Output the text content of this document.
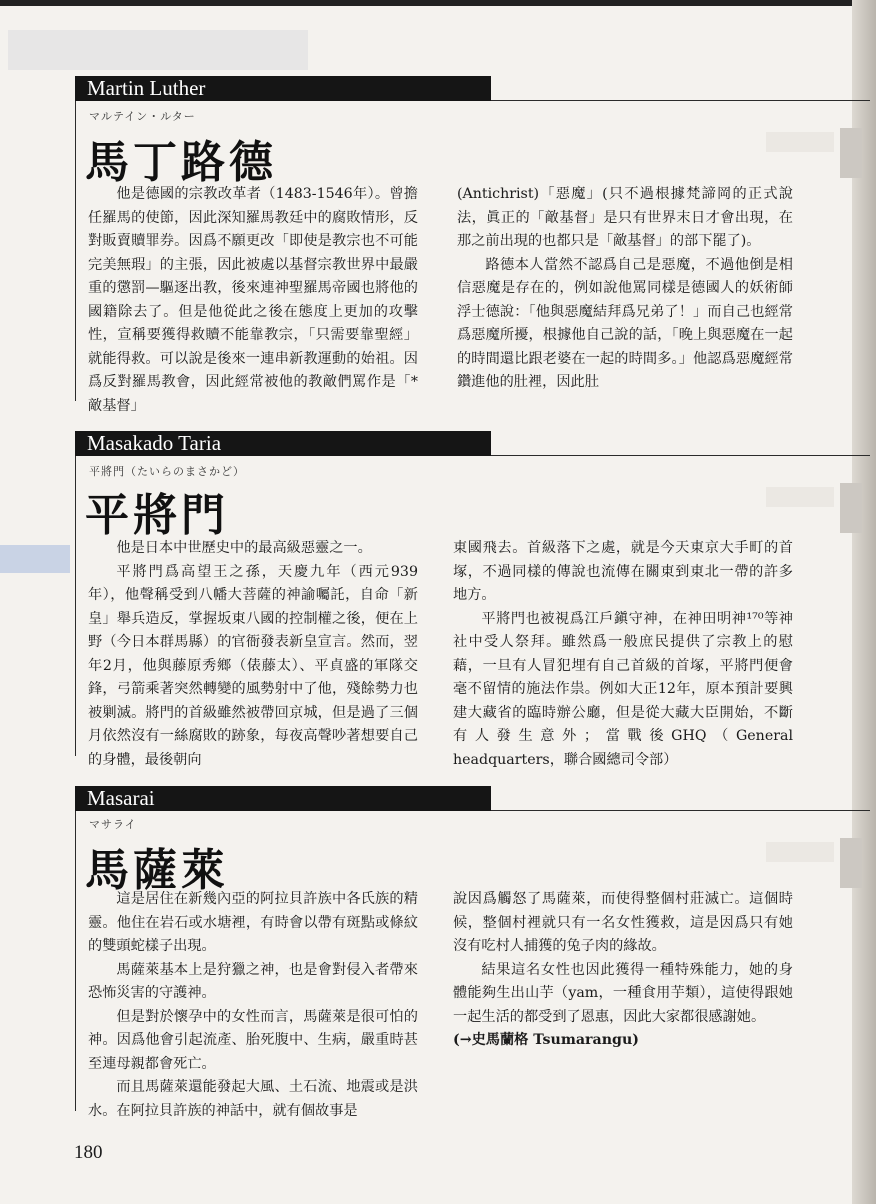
Martin Luther
マルテイン・ルター
馬丁路德

他是德國的宗教改革者（1483-1546年）。曾擔任羅馬的使節，因此深知羅馬教廷中的腐敗情形，反對販賣贖罪券。因爲不願更改「即使是教宗也不可能完美無瑕」的主張，因此被處以基督宗教世界中最嚴重的懲罰—驅逐出教，後來連神聖羅馬帝國也將他的國籍除去了。但是他從此之後在態度上更加的攻擊性，宣稱要獲得救贖不能靠教宗，「只需要靠聖經」就能得救。可以說是後來一連串新教運動的始祖。因爲反對羅馬教會，因此經常被他的教敵們罵作是「*敵基督」

(Antichrist)「惡魔」(只不過根據梵諦岡的正式說法，眞正的「敵基督」是只有世界末日才會出現，在那之前出現的也都只是「敵基督」的部下罷了)。

路德本人當然不認爲自己是惡魔，不過他倒是相信惡魔是存在的，例如說他罵同樣是德國人的妖術師浮士德說：「他與惡魔結拜爲兄弟了！」而自己也經常爲惡魔所擾，根據他自己說的話，「晚上與惡魔在一起的時間還比跟老婆在一起的時間多。」他認爲惡魔經常鑽進他的肚裡，因此肚

Masakado Taria
平將門（たいらのまさかど）
平將門

他是日本中世歷史中的最高級惡靈之一。

平將門爲高望王之孫，天慶九年（西元939年），他聲稱受到八幡大菩薩的神諭囑託，自命「新皇」舉兵造反，掌握坂東八國的控制權之後，便在上野（今日本群馬縣）的官衙發表新皇宣言。然而，翌年2月，他與藤原秀鄉（俵藤太）、平貞盛的軍隊交鋒，弓箭乘著突然轉變的風勢射中了他，殘餘勢力也被剿滅。將門的首級雖然被帶回京城，但是過了三個月依然沒有一絲腐敗的跡象，每夜高聲吵著想要自己的身體，最後朝向

東國飛去。首級落下之處，就是今天東京大手町的首塚，不過同樣的傳說也流傳在關東到東北一帶的許多地方。

平將門也被視爲江戶鎭守神，在神田明神¹⁷⁰等神社中受人祭拜。雖然爲一般庶民提供了宗教上的慰藉，一旦有人冒犯埋有自己首級的首塚，平將門便會毫不留情的施法作祟。例如大正12年，原本預計要興建大藏省的臨時辦公廳，但是從大藏大臣開始，不斷有人發生意外；當戰後GHQ（General headquarters，聯合國總司令部）

Masarai
マサライ
馬薩萊

這是居住在新幾內亞的阿拉貝許族中各氏族的精靈。他住在岩石或水塘裡，有時會以帶有斑點或條紋的雙頭蛇樣子出現。

馬薩萊基本上是狩獵之神，也是會對侵入者帶來恐怖災害的守護神。

但是對於懷孕中的女性而言，馬薩萊是很可怕的神。因爲他會引起流產、胎死腹中、生病，嚴重時甚至連母親都會死亡。

而且馬薩萊還能發起大風、土石流、地震或是洪水。在阿拉貝許族的神話中，就有個故事是

說因爲觸怒了馬薩萊，而使得整個村莊滅亡。這個時候，整個村裡就只有一名女性獲救，這是因爲只有她沒有吃村人捕獲的兔子肉的緣故。

結果這名女性也因此獲得一種特殊能力，她的身體能夠生出山芋（yam，一種食用芋類），這使得跟她一起生活的都受到了恩惠，因此大家都很感謝她。

(→史馬蘭格 Tsumarangu)

180
